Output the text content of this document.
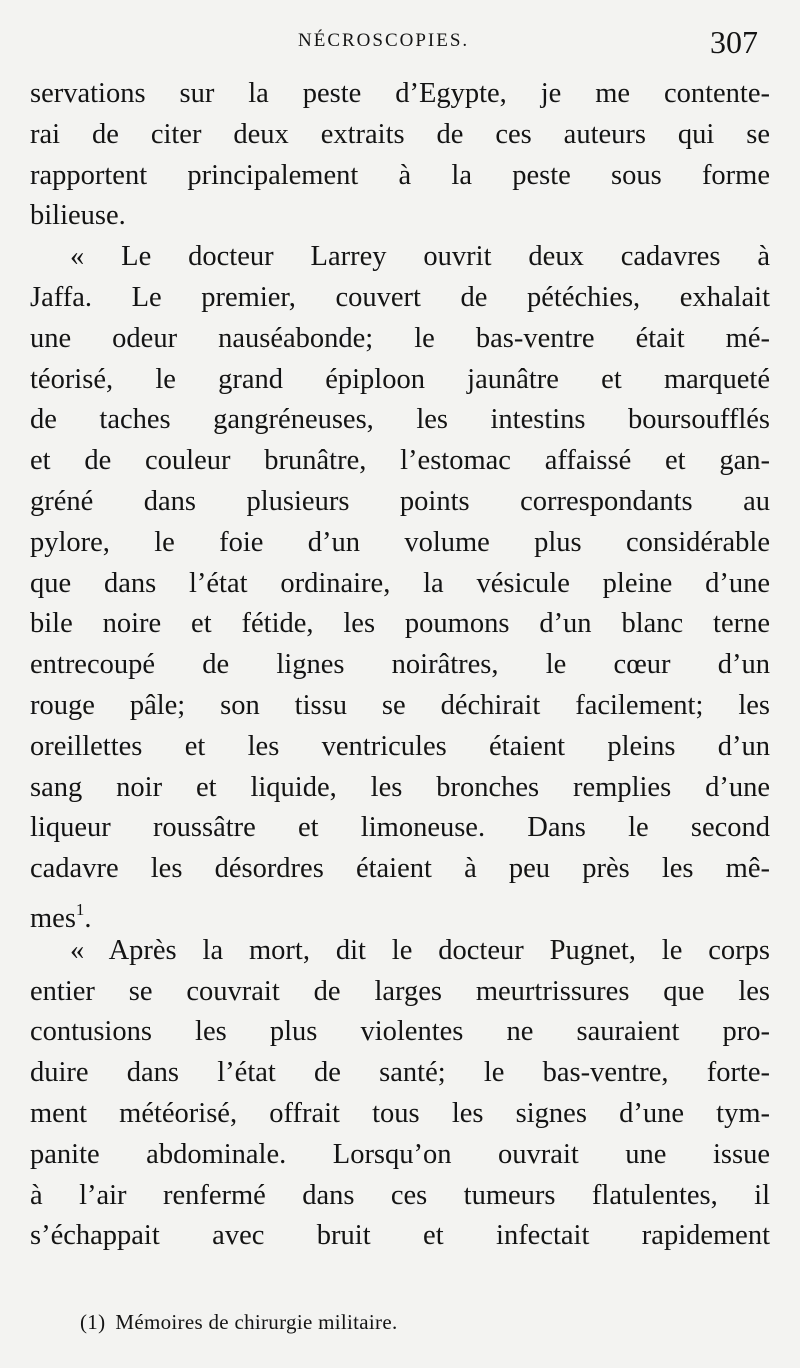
NÉCROSCOPIES.	307
servations sur la peste d’Egypte, je me contente-
rai de citer deux extraits de ces auteurs qui se
rapportent principalement à la peste sous forme
bilieuse.
« Le docteur Larrey ouvrit deux cadavres à
Jaffa. Le premier, couvert de pétéchies, exhalait
une odeur nauséabonde; le bas-ventre était mé-
téorisé, le grand épiploon jaunâtre et marqueté
de taches gangréneuses, les intestins boursoufflés
et de couleur brunâtre, l’estomac affaissé et gan-
gréné dans plusieurs points correspondants au
pylore, le foie d’un volume plus considérable
que dans l’état ordinaire, la vésicule pleine d’une
bile noire et fétide, les poumons d’un blanc terne
entrecoupé de lignes noirâtres, le cœur d’un
rouge pâle; son tissu se déchirait facilement; les
oreillettes et les ventricules étaient pleins d’un
sang noir et liquide, les bronches remplies d’une
liqueur roussâtre et limoneuse. Dans le second
cadavre les désordres étaient à peu près les mê-
mes$^1$.
« Après la mort, dit le docteur Pugnet, le corps
entier se couvrait de larges meurtrissures que les
contusions les plus violentes ne sauraient pro-
duire dans l’état de santé; le bas-ventre, forte-
ment météorisé, offrait tous les signes d’une tym-
panite abdominale. Lorsqu’on ouvrait une issue
à l’air renfermé dans ces tumeurs flatulentes, il
s’échappait avec bruit et infectait rapidement
(1) Mémoires de chirurgie militaire.
